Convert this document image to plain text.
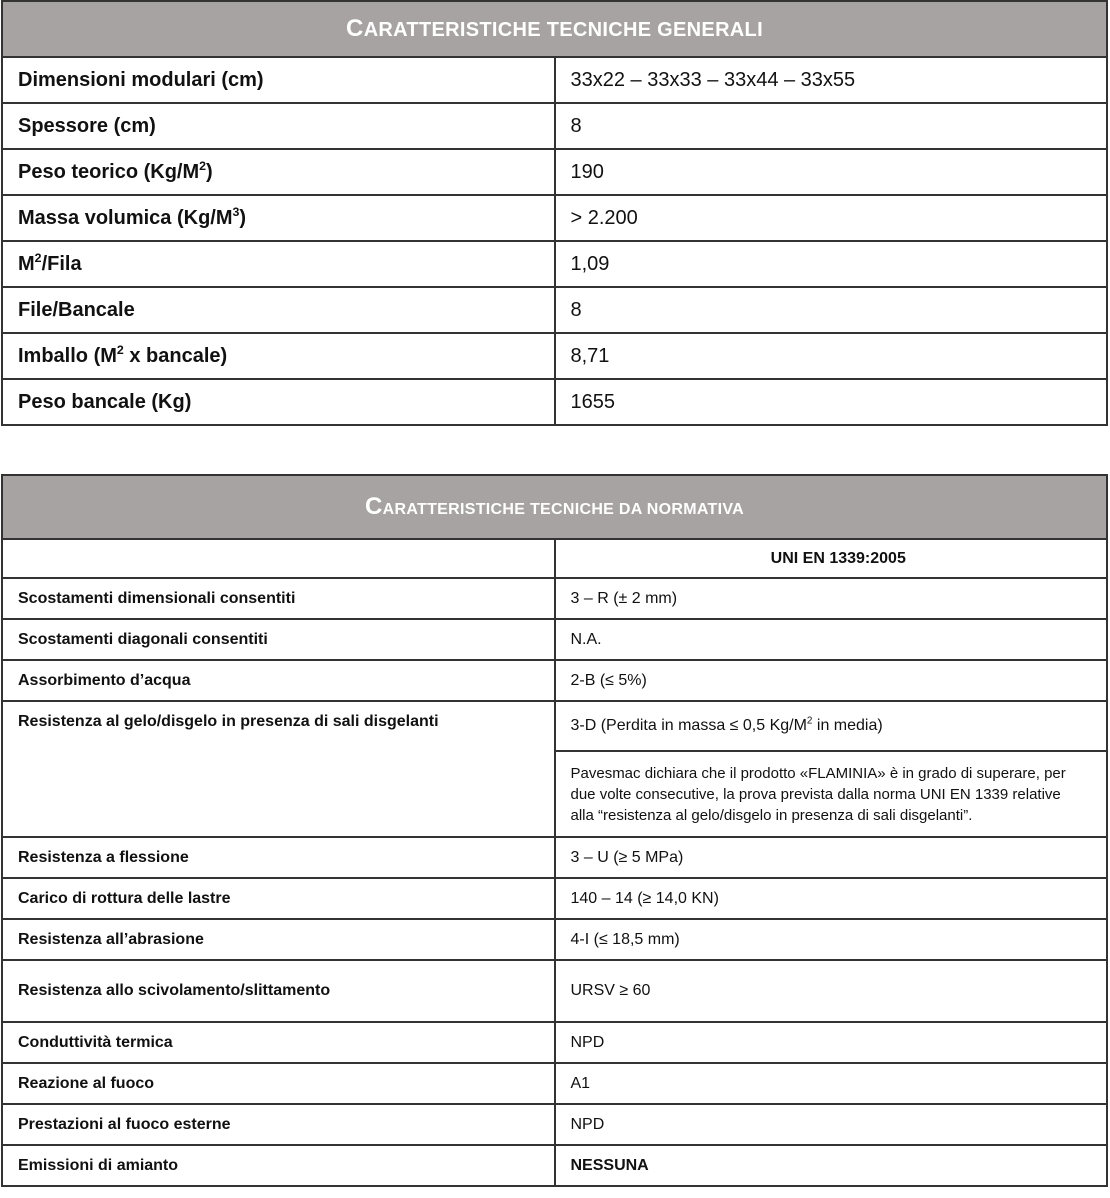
CARATTERISTICHE TECNICHE GENERALI	
Dimensioni modulari (cm)	33x22 – 33x33 – 33x44 – 33x55
Spessore (cm)	8
Peso teorico $(Kg/M^2)$	190
Massa volumica $(Kg/M^3)$	> 2.200
$M^2$/Fila	1,09
File/Bancale	8
Imballo ($M^2$ x bancale)	8,71
Peso bancale (Kg)	1655
CARATTERISTICHE TECNICHE DA NORMATIVA	
	UNI EN 1339:2005
Scostamenti dimensionali consentiti	3 – R (± 2 mm)
Scostamenti diagonali consentiti	N.A.
Assorbimento d’acqua	2-B (≤ 5%)
Resistenza al gelo/disgelo in presenza di sali disgelanti	3-D (Perdita in massa ≤ 0,5 $Kg/M^2$ in media)
	Pavesmac dichiara che il prodotto «FLAMINIA» è in grado di superare, per due volte consecutive, la prova prevista dalla norma UNI EN 1339 relative alla “resistenza al gelo/disgelo in presenza di sali disgelanti”.
Resistenza a flessione	3 – U (≥ 5 MPa)
Carico di rottura delle lastre	140 – 14 (≥ 14,0 KN)
Resistenza all’abrasione	4-I (≤ 18,5 mm)
Resistenza allo scivolamento/slittamento	URSV ≥ 60
Conduttività termica	NPD
Reazione al fuoco	A1
Prestazioni al fuoco esterne	NPD
Emissioni di amianto	NESSUNA
